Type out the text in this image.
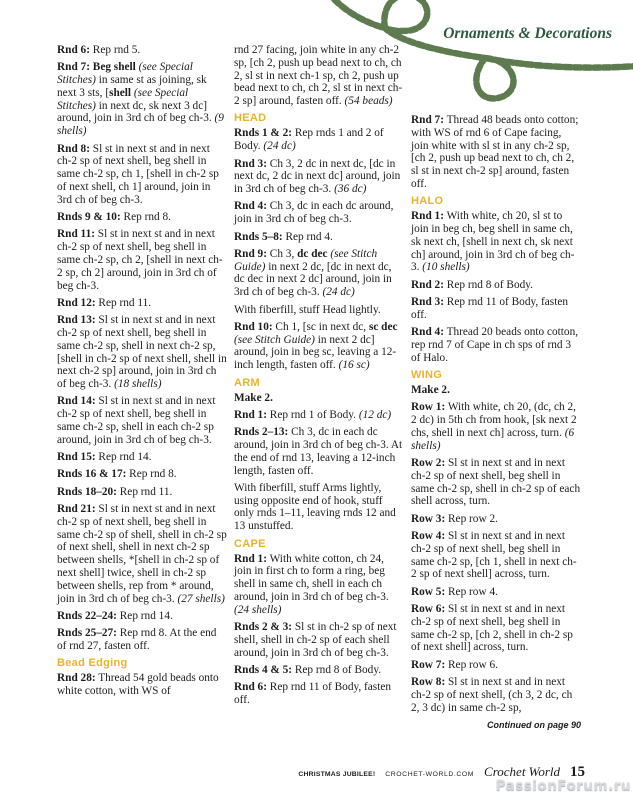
Ornaments & Decorations

Rnd 6: Rep rnd 5.

Rnd 7: Beg shell (see Special Stitches) in same st as joining, sk next 3 sts, [shell (see Special Stitches) in next dc, sk next 3 dc] around, join in 3rd ch of beg ch-3. (9 shells)

Rnd 8: Sl st in next st and in next ch-2 sp of next shell, beg shell in same ch-2 sp, ch 1, [shell in ch-2 sp of next shell, ch 1] around, join in 3rd ch of beg ch-3.

Rnds 9 & 10: Rep rnd 8.

Rnd 11: Sl st in next st and in next ch-2 sp of next shell, beg shell in same ch-2 sp, ch 2, [shell in next ch-2 sp, ch 2] around, join in 3rd ch of beg ch-3.

Rnd 12: Rep rnd 11.

Rnd 13: Sl st in next st and in next ch-2 sp of next shell, beg shell in same ch-2 sp, shell in next ch-2 sp, [shell in ch-2 sp of next shell, shell in next ch-2 sp] around, join in 3rd ch of beg ch-3. (18 shells)

Rnd 14: Sl st in next st and in next ch-2 sp of next shell, beg shell in same ch-2 sp, shell in each ch-2 sp around, join in 3rd ch of beg ch-3.

Rnd 15: Rep rnd 14.

Rnds 16 & 17: Rep rnd 8.

Rnds 18–20: Rep rnd 11.

Rnd 21: Sl st in next st and in next ch-2 sp of next shell, beg shell in same ch-2 sp of shell, shell in ch-2 sp of next shell, shell in next ch-2 sp between shells, *[shell in ch-2 sp of next shell] twice, shell in ch-2 sp between shells, rep from * around, join in 3rd ch of beg ch-3. (27 shells)

Rnds 22–24: Rep rnd 14.

Rnds 25–27: Rep rnd 8. At the end of rnd 27, fasten off.

Bead Edging

Rnd 28: Thread 54 gold beads onto white cotton, with WS of

rnd 27 facing, join white in any ch-2 sp, [ch 2, push up bead next to ch, ch 2, sl st in next ch-1 sp, ch 2, push up bead next to ch, ch 2, sl st in next ch-2 sp] around, fasten off. (54 beads)

HEAD

Rnds 1 & 2: Rep rnds 1 and 2 of Body. (24 dc)

Rnd 3: Ch 3, 2 dc in next dc, [dc in next dc, 2 dc in next dc] around, join in 3rd ch of beg ch-3. (36 dc)

Rnd 4: Ch 3, dc in each dc around, join in 3rd ch of beg ch-3.

Rnds 5–8: Rep rnd 4.

Rnd 9: Ch 3, dc dec (see Stitch Guide) in next 2 dc, [dc in next dc, dc dec in next 2 dc] around, join in 3rd ch of beg ch-3. (24 dc)

With fiberfill, stuff Head lightly.

Rnd 10: Ch 1, [sc in next dc, sc dec (see Stitch Guide) in next 2 dc] around, join in beg sc, leaving a 12-inch length, fasten off. (16 sc)

ARM

Make 2.

Rnd 1: Rep rnd 1 of Body. (12 dc)

Rnds 2–13: Ch 3, dc in each dc around, join in 3rd ch of beg ch-3. At the end of rnd 13, leaving a 12-inch length, fasten off.

With fiberfill, stuff Arms lightly, using opposite end of hook, stuff only rnds 1–11, leaving rnds 12 and 13 unstuffed.

CAPE

Rnd 1: With white cotton, ch 24, join in first ch to form a ring, beg shell in same ch, shell in each ch around, join in 3rd ch of beg ch-3. (24 shells)

Rnds 2 & 3: Sl st in ch-2 sp of next shell, shell in ch-2 sp of each shell around, join in 3rd ch of beg ch-3.

Rnds 4 & 5: Rep rnd 8 of Body.

Rnd 6: Rep rnd 11 of Body, fasten off.

Rnd 7: Thread 48 beads onto cotton; with WS of rnd 6 of Cape facing, join white with sl st in any ch-2 sp, [ch 2, push up bead next to ch, ch 2, sl st in next ch-2 sp] around, fasten off.

HALO

Rnd 1: With white, ch 20, sl st to join in beg ch, beg shell in same ch, sk next ch, [shell in next ch, sk next ch] around, join in 3rd ch of beg ch-3. (10 shells)

Rnd 2: Rep rnd 8 of Body.

Rnd 3: Rep rnd 11 of Body, fasten off.

Rnd 4: Thread 20 beads onto cotton, rep rnd 7 of Cape in ch sps of rnd 3 of Halo.

WING

Make 2.

Row 1: With white, ch 20, (dc, ch 2, 2 dc) in 5th ch from hook, [sk next 2 chs, shell in next ch] across, turn. (6 shells)

Row 2: Sl st in next st and in next ch-2 sp of next shell, beg shell in same ch-2 sp, shell in ch-2 sp of each shell across, turn.

Row 3: Rep row 2.

Row 4: Sl st in next st and in next ch-2 sp of next shell, beg shell in same ch-2 sp, [ch 1, shell in next ch-2 sp of next shell] across, turn.

Row 5: Rep row 4.

Row 6: Sl st in next st and in next ch-2 sp of next shell, beg shell in same ch-2 sp, [ch 2, shell in ch-2 sp of next shell] across, turn.

Row 7: Rep row 6.

Row 8: Sl st in next st and in next ch-2 sp of next shell, (ch 3, 2 dc, ch 2, 3 dc) in same ch-2 sp,

Continued on page 90

CHRISTMAS JUBILEE! CROCHET-WORLD.COM Crochet World 15
PassionForum.ru
